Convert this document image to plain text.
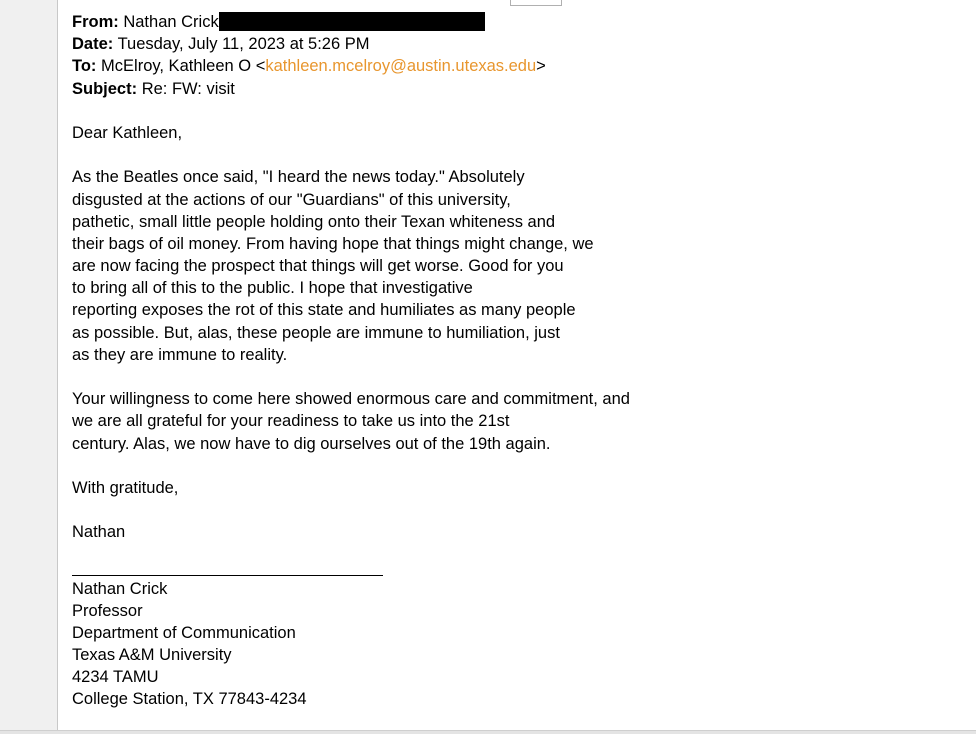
From: Nathan Crick
Date: Tuesday, July 11, 2023 at 5:26 PM
To: McElroy, Kathleen O <kathleen.mcelroy@austin.utexas.edu>
Subject: Re: FW: visit
Dear Kathleen,
As the Beatles once said, "I heard the news today." Absolutely
disgusted at the actions of our "Guardians" of this university,
pathetic, small little people holding onto their Texan whiteness and
their bags of oil money. From having hope that things might change, we
are now facing the prospect that things will get worse. Good for you
to bring all of this to the public. I hope that investigative
reporting exposes the rot of this state and humiliates as many people
as possible. But, alas, these people are immune to humiliation, just
as they are immune to reality.
Your willingness to come here showed enormous care and commitment, and
we are all grateful for your readiness to take us into the 21st
century. Alas, we now have to dig ourselves out of the 19th again.
With gratitude,
Nathan
Nathan Crick
Professor
Department of Communication
Texas A&M University
4234 TAMU
College Station, TX 77843-4234
